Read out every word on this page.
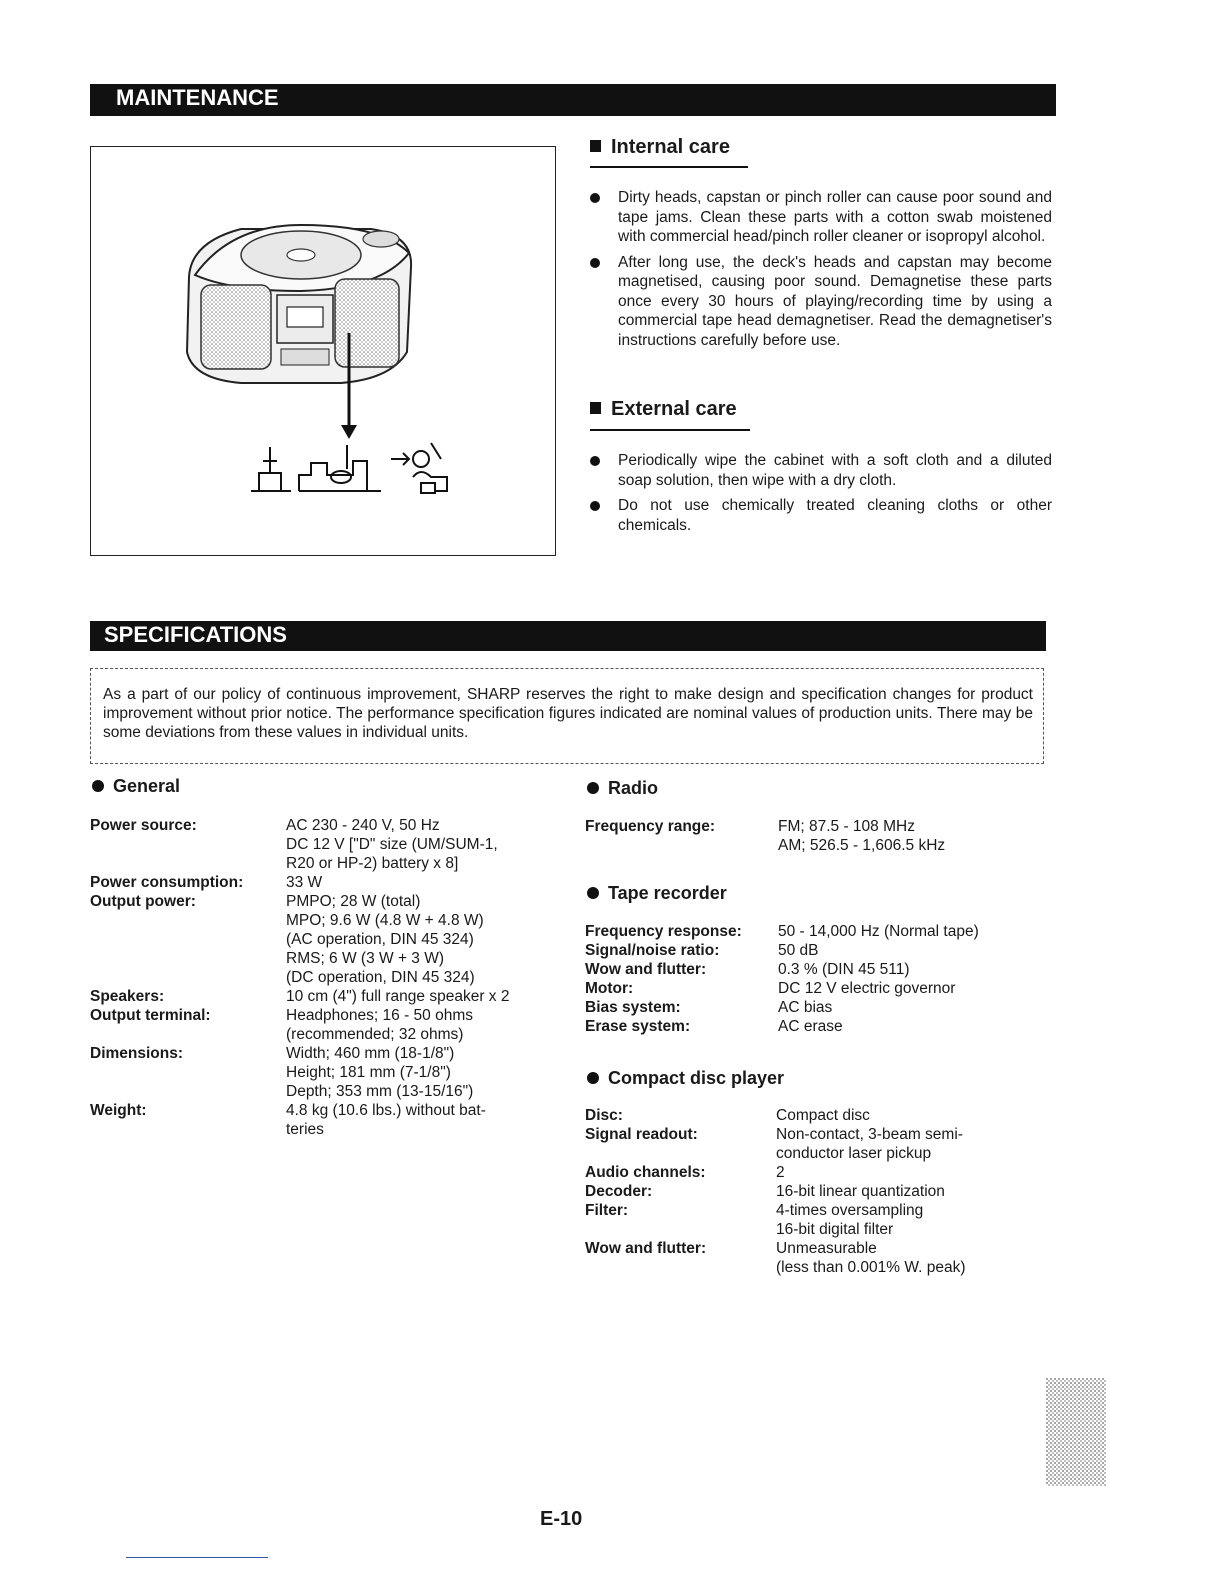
MAINTENANCE
Internal care
Dirty heads, capstan or pinch roller can cause poor sound and tape jams. Clean these parts with a cotton swab moistened with commercial head/pinch roller cleaner or isopropyl alcohol.
After long use, the deck's heads and capstan may become magnetised, causing poor sound. Demagnetise these parts once every 30 hours of playing/recording time by using a commercial tape head demagnetiser. Read the demagnetiser's instructions carefully before use.
External care
Periodically wipe the cabinet with a soft cloth and a diluted soap solution, then wipe with a dry cloth.
Do not use chemically treated cleaning cloths or other chemicals.
SPECIFICATIONS
As a part of our policy of continuous improvement, SHARP reserves the right to make design and specification changes for product improvement without prior notice. The performance specification figures indicated are nominal values of production units. There may be some deviations from these values in individual units.
General
Power source:	AC 230 - 240 V, 50 Hz
DC 12 V ["D" size (UM/SUM-1,
R20 or HP-2) battery x 8]
Power consumption:	33 W
Output power:	PMPO; 28 W (total)
MPO; 9.6 W (4.8 W + 4.8 W)
(AC operation, DIN 45 324)
RMS; 6 W (3 W + 3 W)
(DC operation, DIN 45 324)
Speakers:	10 cm (4") full range speaker x 2
Output terminal:	Headphones; 16 - 50 ohms
(recommended; 32 ohms)
Dimensions:	Width; 460 mm (18-1/8")
Height; 181 mm (7-1/8")
Depth; 353 mm (13-15/16")
Weight:	4.8 kg (10.6 lbs.) without bat-
teries
Radio
Frequency range:	FM; 87.5 - 108 MHz
AM; 526.5 - 1,606.5 kHz
Tape recorder
Frequency response:	50 - 14,000 Hz (Normal tape)
Signal/noise ratio:	50 dB
Wow and flutter:	0.3 % (DIN 45 511)
Motor:	DC 12 V electric governor
Bias system:	AC bias
Erase system:	AC erase
Compact disc player
Disc:	Compact disc
Signal readout:	Non-contact, 3-beam semi-
conductor laser pickup
Audio channels:	2
Decoder:	16-bit linear quantization
Filter:	4-times oversampling
16-bit digital filter
Wow and flutter:	Unmeasurable
(less than 0.001% W. peak)
E-10
